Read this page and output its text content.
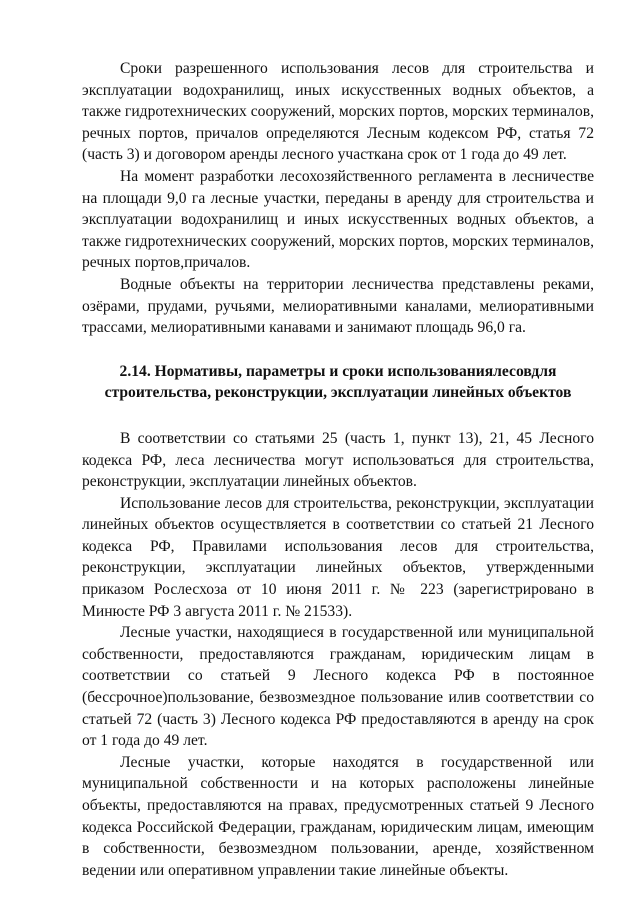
Сроки разрешенного использования лесов для строительства и эксплуатации водохранилищ, иных искусственных водных объектов, а также гидротехнических сооружений, морских портов, морских терминалов, речных портов, причалов определяются Лесным кодексом РФ, статья 72 (часть 3) и договором аренды лесного участкана срок от 1 года до 49 лет.

На момент разработки лесохозяйственного регламента в лесничестве на площади 9,0 га лесные участки, переданы в аренду для строительства и эксплуатации водохранилищ и иных искусственных водных объектов, а также гидротехнических сооружений, морских портов, морских терминалов, речных портов,причалов.

Водные объекты на территории лесничества представлены реками, озёрами, прудами, ручьями, мелиоративными каналами, мелиоративными трассами, мелиоративными канавами и занимают площадь 96,0 га.

2.14. Нормативы, параметры и сроки использованиялесовдля
строительства, реконструкции, эксплуатации линейных объектов

В соответствии со статьями 25 (часть 1, пункт 13), 21, 45 Лесного кодекса РФ, леса лесничества могут использоваться для строительства, реконструкции, эксплуатации линейных объектов.

Использование лесов для строительства, реконструкции, эксплуатации линейных объектов осуществляется в соответствии со статьей 21 Лесного кодекса РФ, Правилами использования лесов для строительства, реконструкции, эксплуатации линейных объектов, утвержденными приказом Рослесхоза от 10 июня 2011 г. № 223 (зарегистрировано в Минюсте РФ 3 августа 2011 г. № 21533).

Лесные участки, находящиеся в государственной или муниципальной собственности, предоставляются гражданам, юридическим лицам в соответствии со статьей 9 Лесного кодекса РФ в постоянное (бессрочное)пользование, безвозмездное пользование илив соответствии со статьей 72 (часть 3) Лесного кодекса РФ предоставляются в аренду на срок от 1 года до 49 лет.

Лесные участки, которые находятся в государственной или муниципальной собственности и на которых расположены линейные объекты, предоставляются на правах, предусмотренных статьей 9 Лесного кодекса Российской Федерации, гражданам, юридическим лицам, имеющим в собственности, безвозмездном пользовании, аренде, хозяйственном ведении или оперативном управлении такие линейные объекты.
